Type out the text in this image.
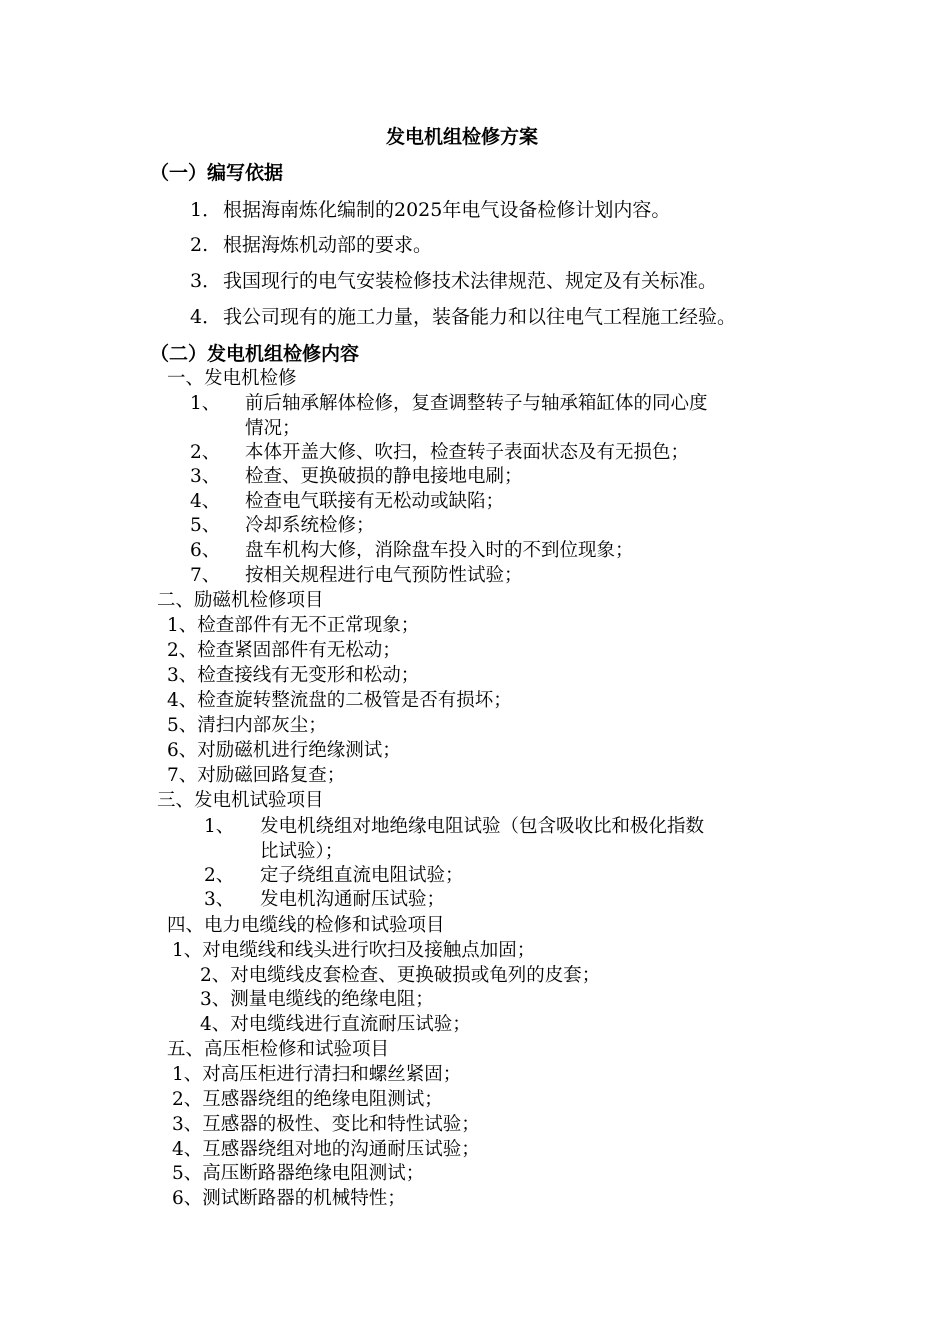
发电机组检修方案
（一）编写依据
1． 根据海南炼化编制的2025年电气设备检修计划内容。
2. 根据海炼机动部的要求。
3． 我国现行的电气安装检修技术法律规范、规定及有关标准。
4． 我公司现有的施工力量，装备能力和以往电气工程施工经验。
（二）发电机组检修内容
一、发电机检修
1、 前后轴承解体检修，复查调整转子与轴承箱缸体的同心度
情况；
2、 本体开盖大修、吹扫，检查转子表面状态及有无损色；
3、 检查、更换破损的静电接地电刷；
4、 检查电气联接有无松动或缺陷；
5、 冷却系统检修；
6、 盘车机构大修，消除盘车投入时的不到位现象；
7、 按相关规程进行电气预防性试验；
二、励磁机检修项目
1、检查部件有无不正常现象；
2、检查紧固部件有无松动；
3、检查接线有无变形和松动；
4、检查旋转整流盘的二极管是否有损坏；
5、清扫内部灰尘；
6、对励磁机进行绝缘测试；
7、对励磁回路复查；
三、发电机试验项目
1、 发电机绕组对地绝缘电阻试验（包含吸收比和极化指数
比试验）；
2、 定子绕组直流电阻试验；
3、 发电机沟通耐压试验；
四、电力电缆线的检修和试验项目
1、对电缆线和线头进行吹扫及接触点加固；
2、对电缆线皮套检查、更换破损或龟列的皮套；
3、测量电缆线的绝缘电阻；
4、对电缆线进行直流耐压试验；
五、高压柜检修和试验项目
1、对高压柜进行清扫和螺丝紧固；
2、互感器绕组的绝缘电阻测试；
3、互感器的极性、变比和特性试验；
4、互感器绕组对地的沟通耐压试验；
5、高压断路器绝缘电阻测试；
6、测试断路器的机械特性；
